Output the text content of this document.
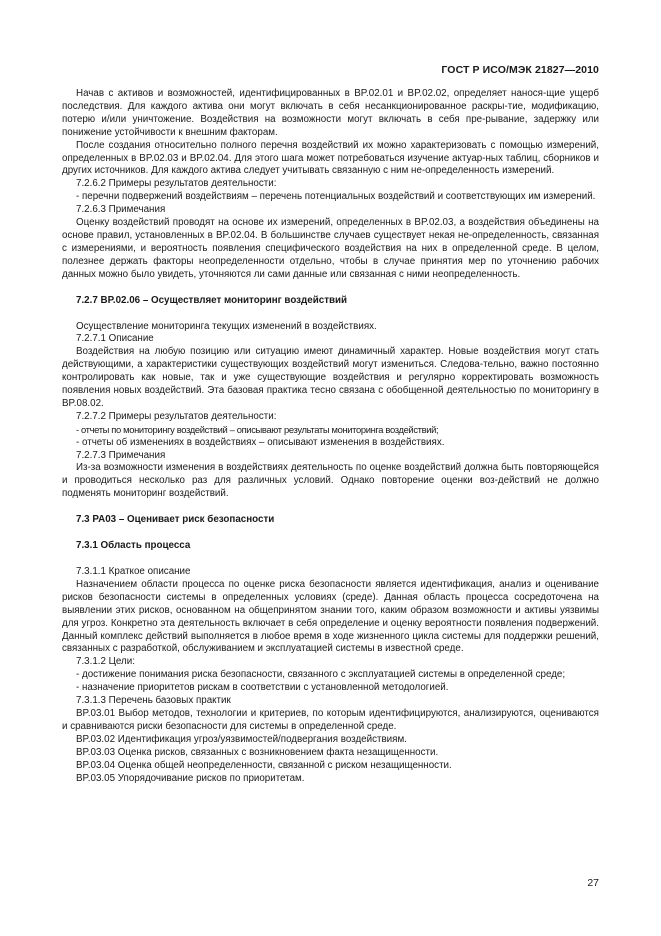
ГОСТ Р ИСО/МЭК 21827—2010

Начав с активов и возможностей, идентифицированных в BP.02.01 и BP.02.02, определяет нанося-щие ущерб последствия. Для каждого актива они могут включать в себя несанкционированное раскры-тие, модификацию, потерю и/или уничтожение. Воздействия на возможности могут включать в себя пре-рывание, задержку или понижение устойчивости к внешним факторам.

После создания относительно полного перечня воздействий их можно характеризовать с помощью измерений, определенных в BP.02.03 и BP.02.04. Для этого шага может потребоваться изучение актуар-ных таблиц, сборников и других источников. Для каждого актива следует учитывать связанную с ним не-определенность измерений.

7.2.6.2 Примеры результатов деятельности:

- перечни подвержений воздействиям – перечень потенциальных воздействий и соответствующих им измерений.

7.2.6.3 Примечания

Оценку воздействий проводят на основе их измерений, определенных в BP.02.03, а воздействия объединены на основе правил, установленных в BP.02.04. В большинстве случаев существует некая не-определенность, связанная с измерениями, и вероятность появления специфического воздействия на них в определенной среде. В целом, полезнее держать факторы неопределенности отдельно, чтобы в случае принятия мер по уточнению рабочих данных можно было увидеть, уточняются ли сами данные или связанная с ними неопределенность.

7.2.7 BP.02.06 – Осуществляет мониторинг воздействий

Осуществление мониторинга текущих изменений в воздействиях.

7.2.7.1 Описание

Воздействия на любую позицию или ситуацию имеют динамичный характер. Новые воздействия могут стать действующими, а характеристики существующих воздействий могут измениться. Следова-тельно, важно постоянно контролировать как новые, так и уже существующие воздействия и регулярно корректировать возможность появления новых воздействий. Эта базовая практика тесно связана с обобщенной деятельностью по мониторингу в BP.08.02.

7.2.7.2 Примеры результатов деятельности:

- отчеты по мониторингу воздействий – описывают результаты мониторинга воздействий;

- отчеты об изменениях в воздействиях – описывают изменения в воздействиях.

7.2.7.3 Примечания

Из-за возможности изменения в воздействиях деятельность по оценке воздействий должна быть повторяющейся и проводиться несколько раз для различных условий. Однако повторение оценки воз-действий не должно подменять мониторинг воздействий.

7.3 PA03 – Оценивает риск безопасности
7.3.1 Область процесса

7.3.1.1 Краткое описание

Назначением области процесса по оценке риска безопасности является идентификация, анализ и оценивание рисков безопасности системы в определенных условиях (среде). Данная область процесса сосредоточена на выявлении этих рисков, основанном на общепринятом знании того, каким образом возможности и активы уязвимы для угроз. Конкретно эта деятельность включает в себя определение и оценку вероятности появления подвержений. Данный комплекс действий выполняется в любое время в ходе жизненного цикла системы для поддержки решений, связанных с разработкой, обслуживанием и эксплуатацией системы в известной среде.

7.3.1.2 Цели:

- достижение понимания риска безопасности, связанного с эксплуатацией системы в определенной среде;

- назначение приоритетов рискам в соответствии с установленной методологией.

7.3.1.3 Перечень базовых практик

BP.03.01 Выбор методов, технологии и критериев, по которым идентифицируются, анализируются, оцениваются и сравниваются риски безопасности для системы в определенной среде.

BP.03.02 Идентификация угроз/уязвимостей/подвергания воздействиям.

BP.03.03 Оценка рисков, связанных с возникновением факта незащищенности.

BP.03.04 Оценка общей неопределенности, связанной с риском незащищенности.

BP.03.05 Упорядочивание рисков по приоритетам.

27
